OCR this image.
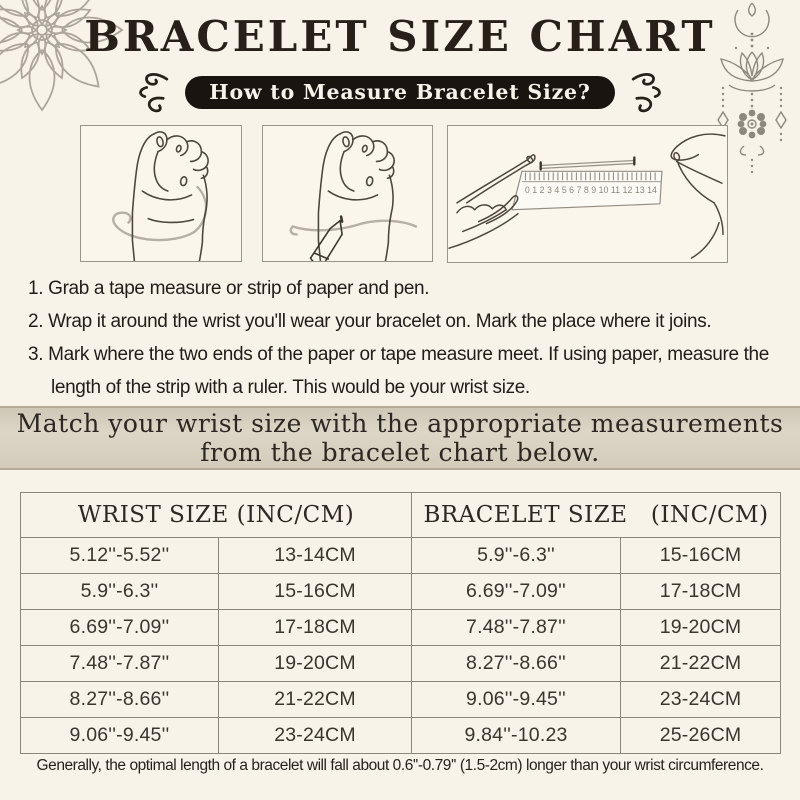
BRACELET SIZE CHART
How to Measure Bracelet Size?
0 1 2 3 4 5 6 7 8 9 10 11 12 13 14

1. Grab a tape measure or strip of paper and pen.

2. Wrap it around the wrist you'll wear your bracelet on. Mark the place where it joins.

3. Mark where the two ends of the paper or tape measure meet. If using paper, measure the length of the strip with a ruler. This would be your wrist size.

Match your wrist size with the appropriate measurements
from the bracelet chart below.
WRIST SIZE (INC/CM)		BRACELET SIZE   (INC/CM)	
5.12''-5.52''	13-14CM	5.9''-6.3''	15-16CM
5.9''-6.3''	15-16CM	6.69''-7.09''	17-18CM
6.69''-7.09''	17-18CM	7.48''-7.87''	19-20CM
7.48''-7.87''	19-20CM	8.27''-8.66''	21-22CM
8.27''-8.66''	21-22CM	9.06''-9.45''	23-24CM
9.06''-9.45''	23-24CM	9.84''-10.23	25-26CM
Generally, the optimal length of a bracelet will fall about 0.6''-0.79'' (1.5-2cm) longer than your wrist circumference.
